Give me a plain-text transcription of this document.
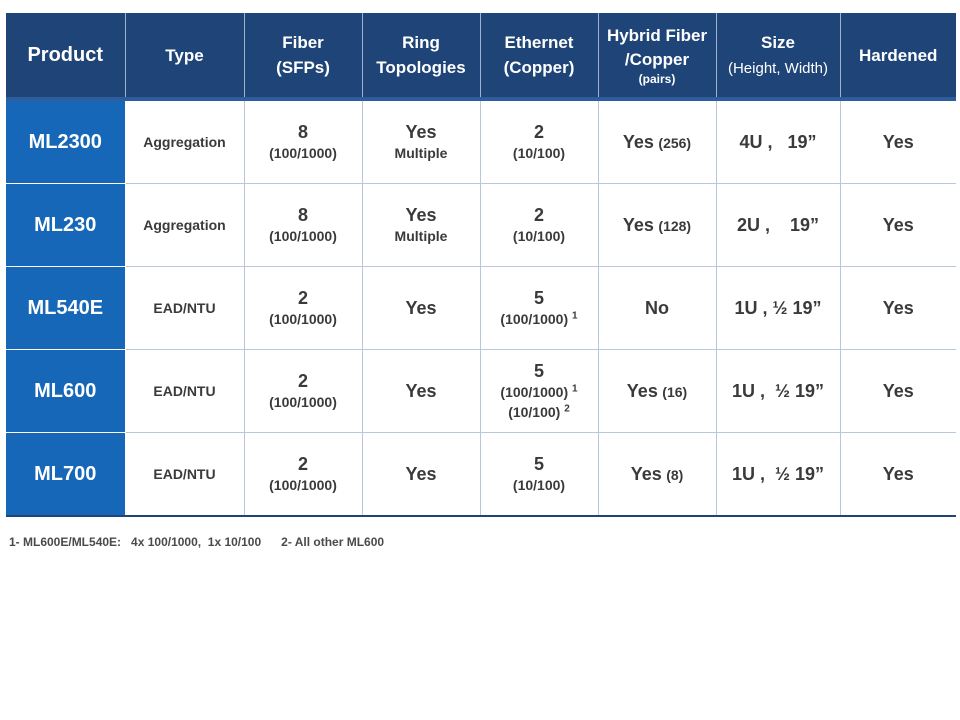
Product	Type	Fiber
(SFPs)	Ring
Topologies	Ethernet
(Copper)	Hybrid Fiber
/Copper
(pairs)	Size
(Height, Width)	Hardened
ML2300	Aggregation	8
(100/1000)	Yes
Multiple	2
(10/100)	Yes (256)	4U ,   19”	Yes

ML230	Aggregation	8
(100/1000)	Yes
Multiple	2
(10/100)	Yes (128)	2U ,    19”	Yes

ML540E	EAD/NTU	2
(100/1000)	Yes	5
(100/1000) $^1$	No	1U , ½ 19”	Yes

ML600	EAD/NTU	2
(100/1000)	Yes	5
(100/1000) $^1$
(10/100) $^2$	Yes (16)	1U ,  ½ 19”	Yes

ML700	EAD/NTU	2
(100/1000)	Yes	5
(10/100)	Yes (8)	1U ,  ½ 19”	Yes
1- ML600E/ML540E:   4x 100/1000,  1x 10/100      2- All other ML600
